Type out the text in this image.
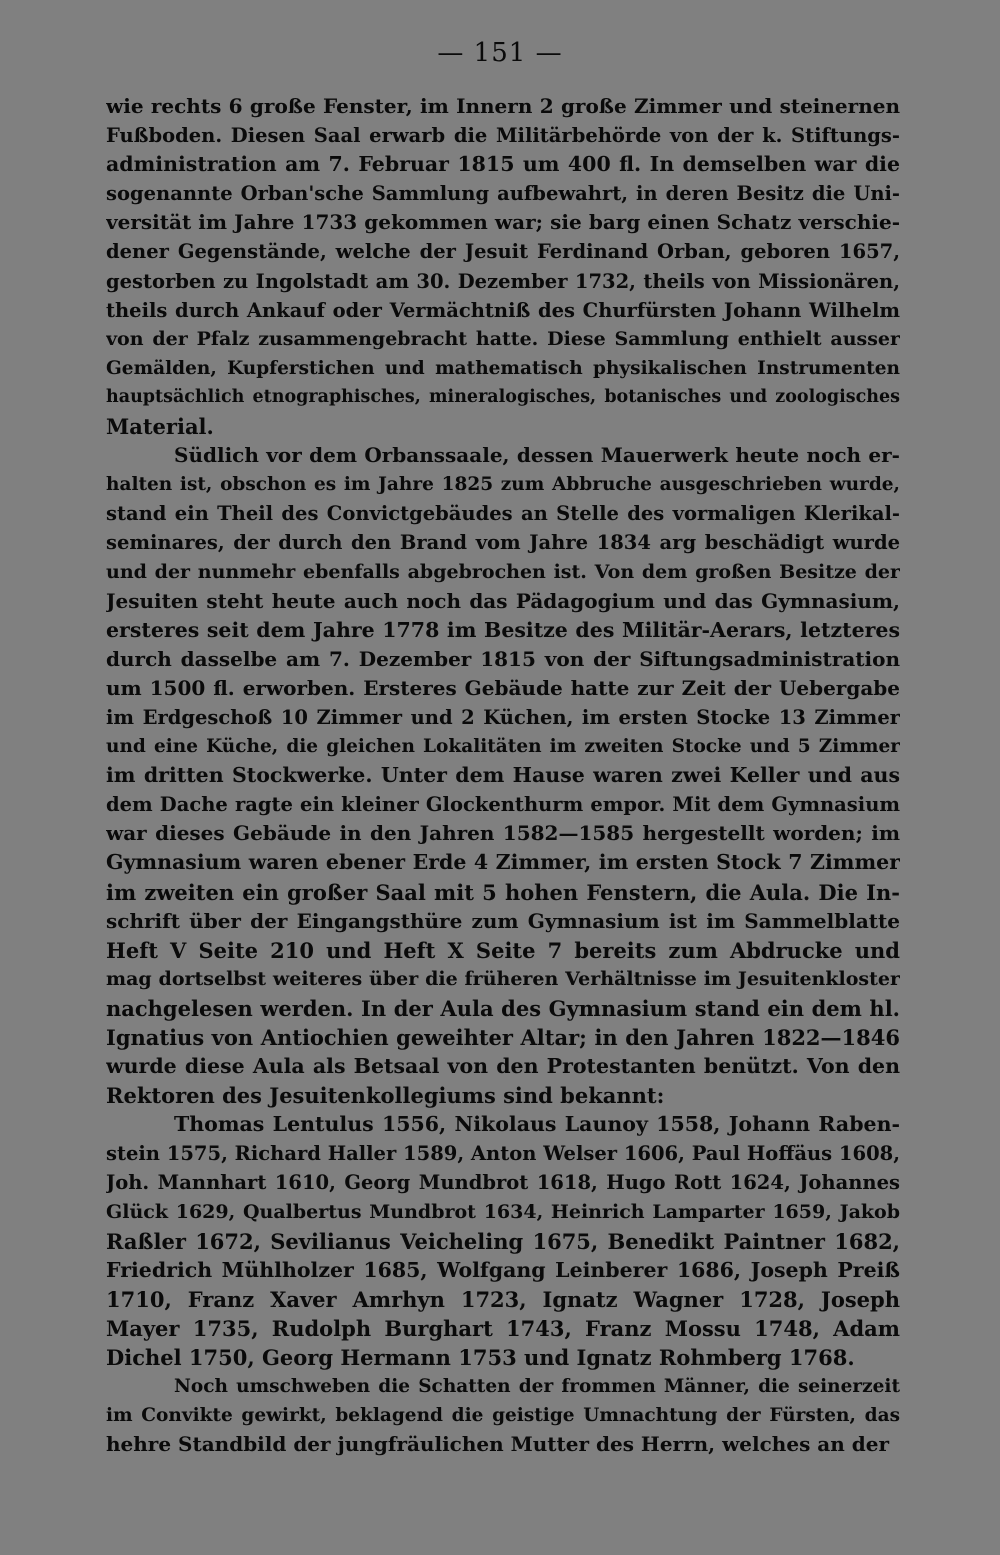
— 151 —
wie rechts 6 große Fenster, im Innern 2 große Zimmer und steinernen
Fußboden. Diesen Saal erwarb die Militärbehörde von der k. Stiftungs-
administration am 7. Februar 1815 um 400 fl. In demselben war die
sogenannte Orban'sche Sammlung aufbewahrt, in deren Besitz die Uni-
versität im Jahre 1733 gekommen war; sie barg einen Schatz verschie-
dener Gegenstände, welche der Jesuit Ferdinand Orban, geboren 1657,
gestorben zu Ingolstadt am 30. Dezember 1732, theils von Missionären,
theils durch Ankauf oder Vermächtniß des Churfürsten Johann Wilhelm
von der Pfalz zusammengebracht hatte. Diese Sammlung enthielt ausser
Gemälden, Kupferstichen und mathematisch physikalischen Instrumenten
hauptsächlich etnographisches, mineralogisches, botanisches und zoologisches
Material.
Südlich vor dem Orbanssaale, dessen Mauerwerk heute noch er-
halten ist, obschon es im Jahre 1825 zum Abbruche ausgeschrieben wurde,
stand ein Theil des Convictgebäudes an Stelle des vormaligen Klerikal-
seminares, der durch den Brand vom Jahre 1834 arg beschädigt wurde
und der nunmehr ebenfalls abgebrochen ist. Von dem großen Besitze der
Jesuiten steht heute auch noch das Pädagogium und das Gymnasium,
ersteres seit dem Jahre 1778 im Besitze des Militär-Aerars, letzteres
durch dasselbe am 7. Dezember 1815 von der Siftungsadministration
um 1500 fl. erworben. Ersteres Gebäude hatte zur Zeit der Uebergabe
im Erdgeschoß 10 Zimmer und 2 Küchen, im ersten Stocke 13 Zimmer
und eine Küche, die gleichen Lokalitäten im zweiten Stocke und 5 Zimmer
im dritten Stockwerke. Unter dem Hause waren zwei Keller und aus
dem Dache ragte ein kleiner Glockenthurm empor. Mit dem Gymnasium
war dieses Gebäude in den Jahren 1582—1585 hergestellt worden; im
Gymnasium waren ebener Erde 4 Zimmer, im ersten Stock 7 Zimmer
im zweiten ein großer Saal mit 5 hohen Fenstern, die Aula. Die In-
schrift über der Eingangsthüre zum Gymnasium ist im Sammelblatte
Heft V Seite 210 und Heft X Seite 7 bereits zum Abdrucke und
mag dortselbst weiteres über die früheren Verhältnisse im Jesuitenkloster
nachgelesen werden. In der Aula des Gymnasium stand ein dem hl.
Ignatius von Antiochien geweihter Altar; in den Jahren 1822—1846
wurde diese Aula als Betsaal von den Protestanten benützt. Von den
Rektoren des Jesuitenkollegiums sind bekannt:
Thomas Lentulus 1556, Nikolaus Launoy 1558, Johann Raben-
stein 1575, Richard Haller 1589, Anton Welser 1606, Paul Hoffäus 1608,
Joh. Mannhart 1610, Georg Mundbrot 1618, Hugo Rott 1624, Johannes
Glück 1629, Qualbertus Mundbrot 1634, Heinrich Lamparter 1659, Jakob
Raßler 1672, Sevilianus Veicheling 1675, Benedikt Paintner 1682,
Friedrich Mühlholzer 1685, Wolfgang Leinberer 1686, Joseph Preiß
1710, Franz Xaver Amrhyn 1723, Ignatz Wagner 1728, Joseph
Mayer 1735, Rudolph Burghart 1743, Franz Mossu 1748, Adam
Dichel 1750, Georg Hermann 1753 und Ignatz Rohmberg 1768.
Noch umschweben die Schatten der frommen Männer, die seinerzeit
im Convikte gewirkt, beklagend die geistige Umnachtung der Fürsten, das
hehre Standbild der jungfräulichen Mutter des Herrn, welches an der
